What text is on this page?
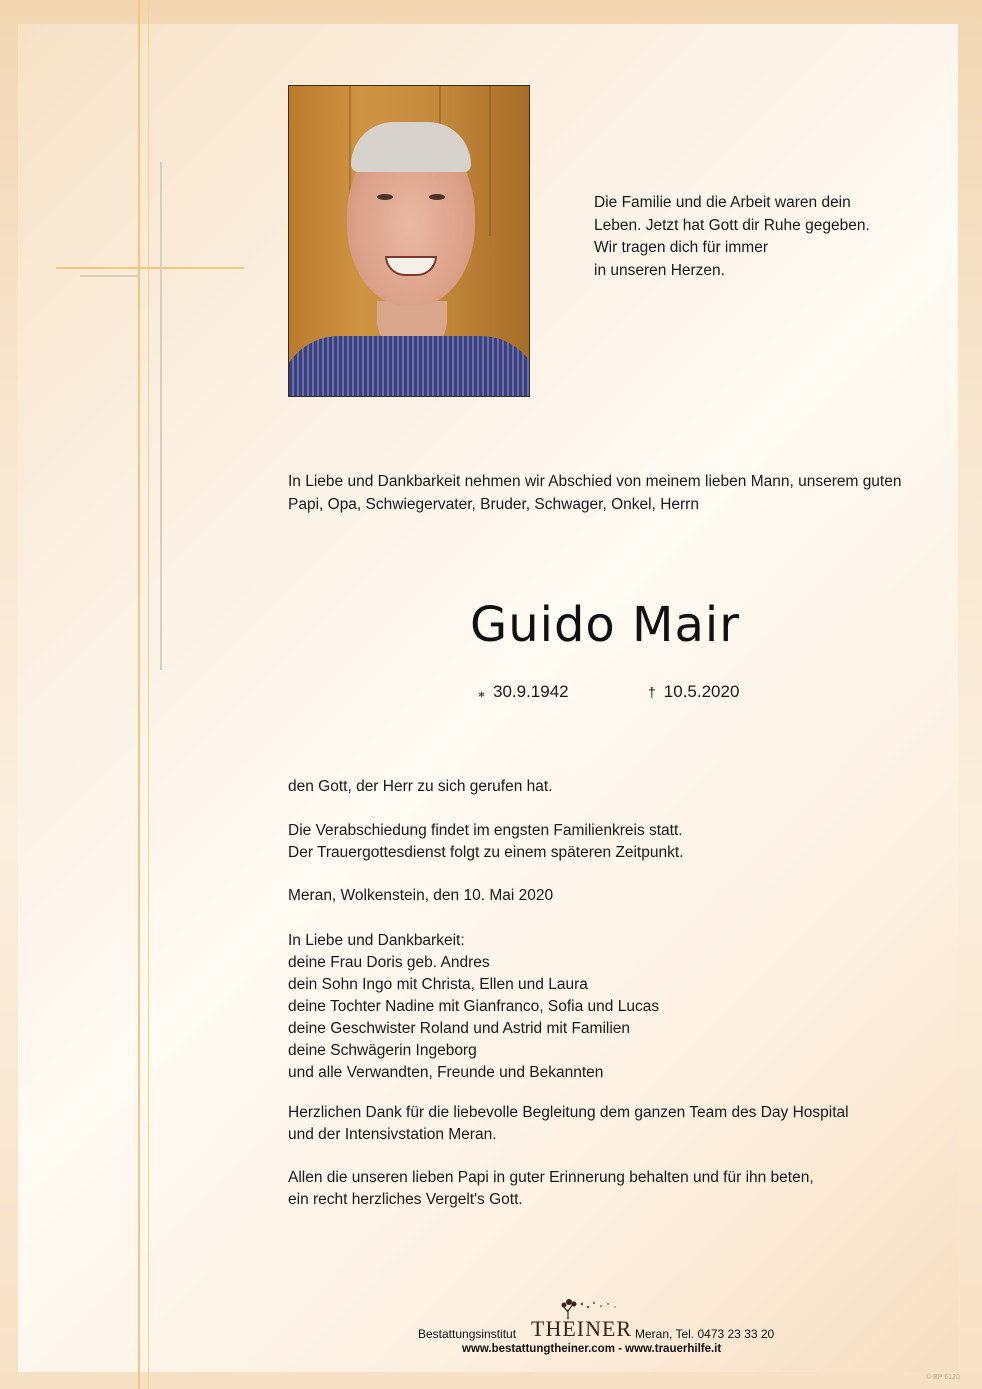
Die Familie und die Arbeit waren dein
Leben. Jetzt hat Gott dir Ruhe gegeben.
Wir tragen dich für immer
in unseren Herzen.
In Liebe und Dankbarkeit nehmen wir Abschied von meinem lieben Mann, unserem guten
Papi, Opa, Schwiegervater, Bruder, Schwager, Onkel, Herrn
Guido Mair
⁎ 30.9.1942	† 10.5.2020
den Gott, der Herr zu sich gerufen hat.
Die Verabschiedung findet im engsten Familienkreis statt.
Der Trauergottesdienst folgt zu einem späteren Zeitpunkt.
Meran, Wolkenstein, den 10. Mai 2020
In Liebe und Dankbarkeit:
deine Frau Doris geb. Andres
dein Sohn Ingo mit Christa, Ellen und Laura
deine Tochter Nadine mit Gianfranco, Sofia und Lucas
deine Geschwister Roland und Astrid mit Familien
deine Schwägerin Ingeborg
und alle Verwandten, Freunde und Bekannten
Herzlichen Dank für die liebevolle Begleitung dem ganzen Team des Day Hospital
und der Intensivstation Meran.
Allen die unseren lieben Papi in guter Erinnerung behalten und für ihn beten,
ein recht herzliches Vergelt's Gott.
Bestattungsinstitut THEINER Meran, Tel. 0473 23 33 20
www.bestattungtheiner.com - www.trauerhilfe.it
© BP 6120
